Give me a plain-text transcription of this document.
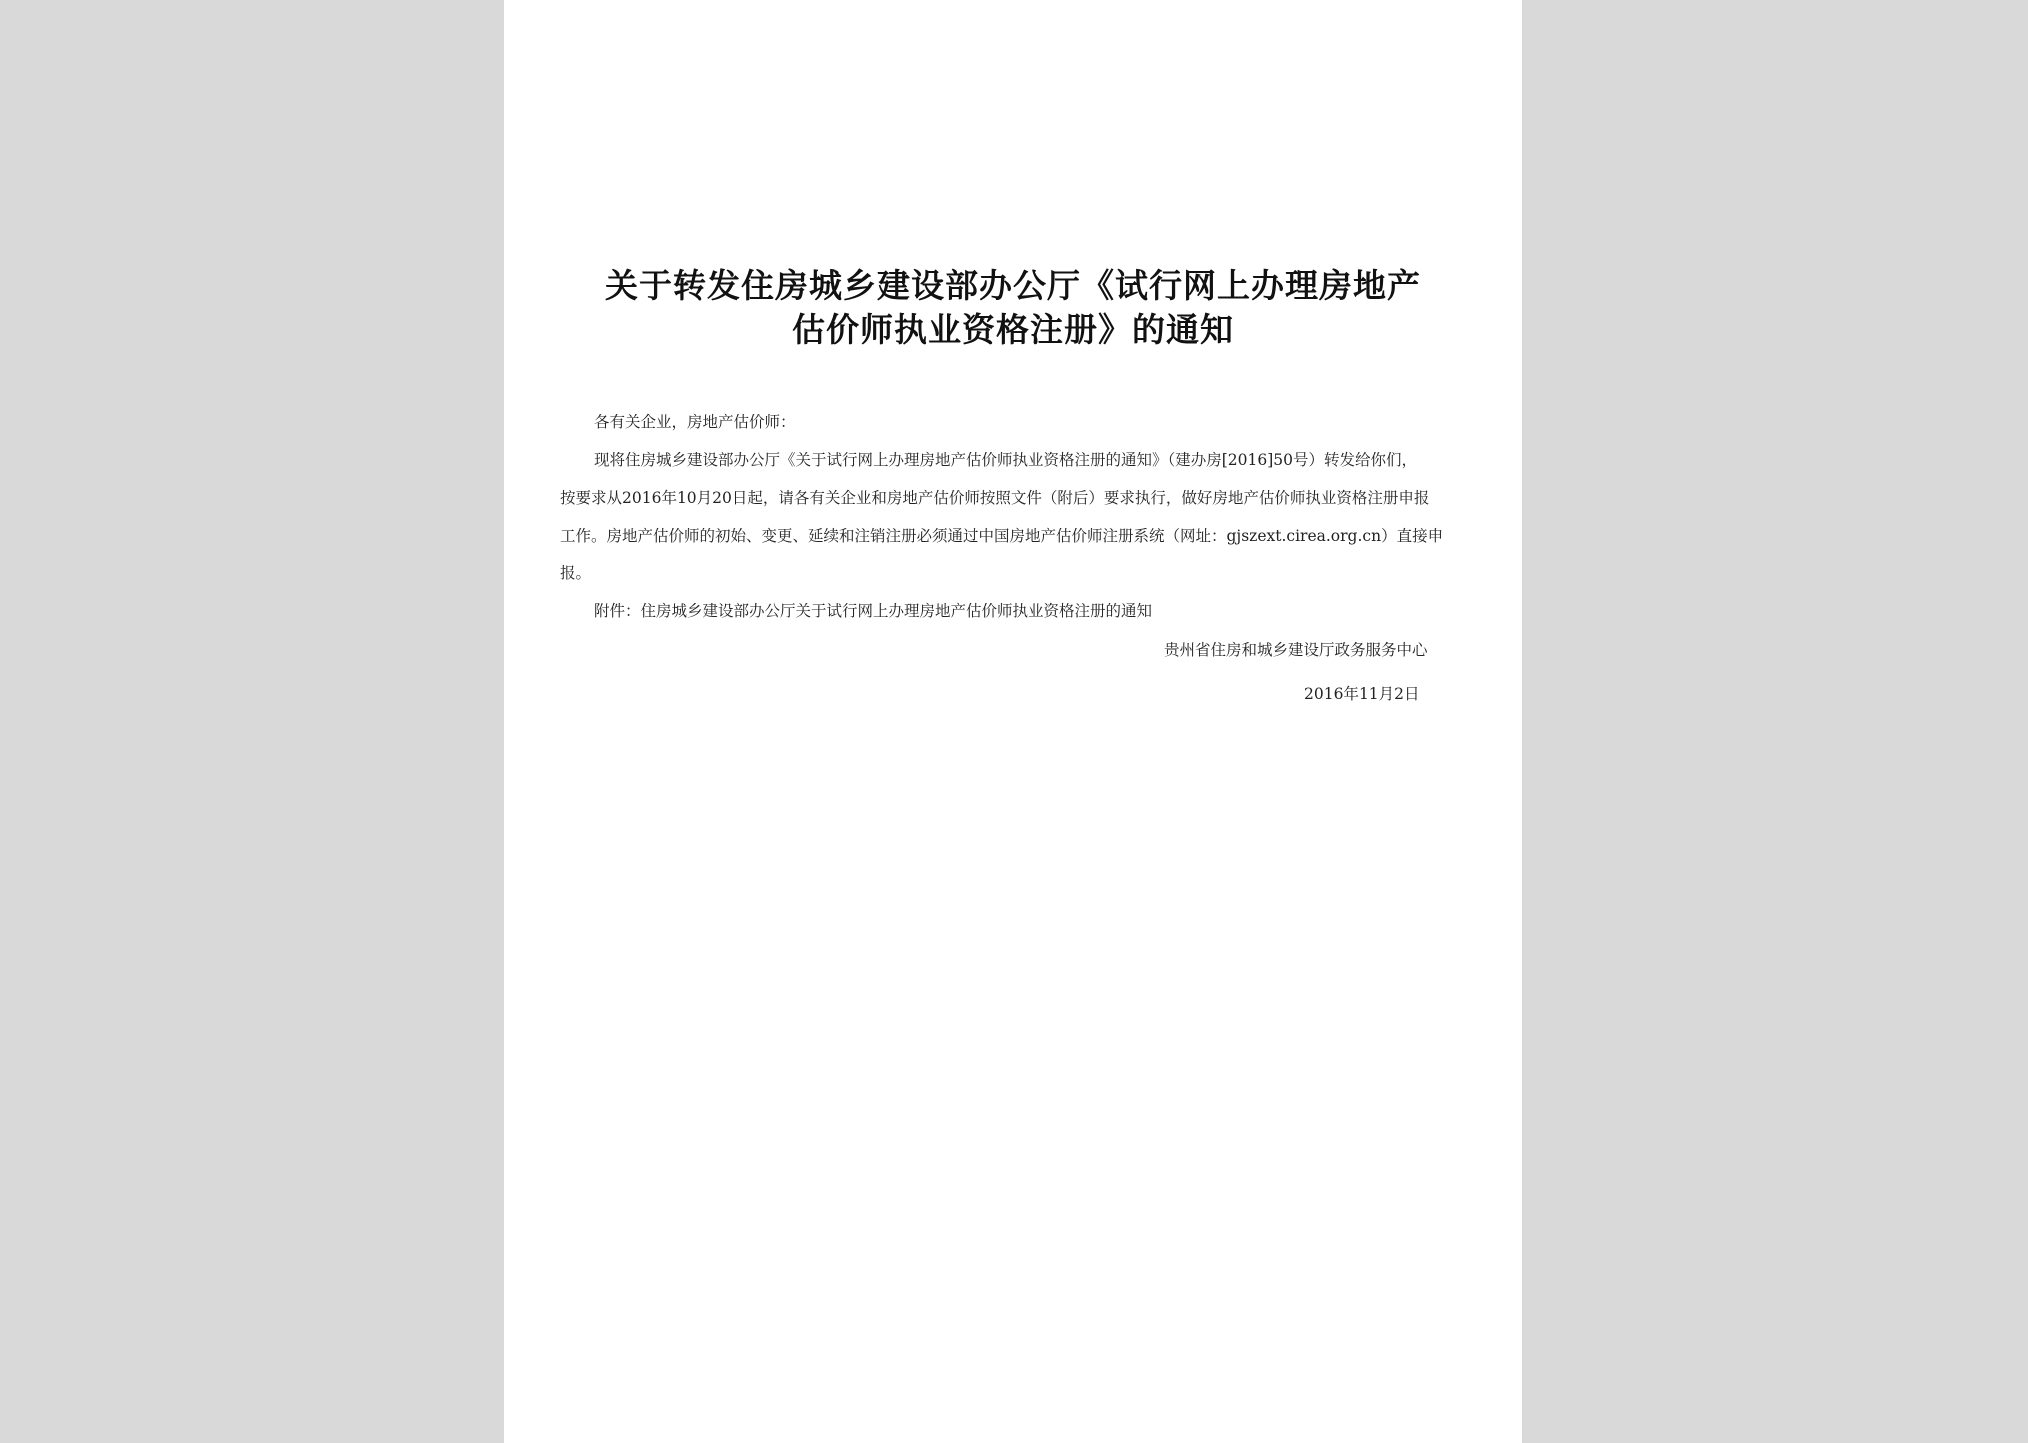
关于转发住房城乡建设部办公厅《试行网上办理房地产
估价师执业资格注册》的通知
各有关企业，房地产估价师：
现将住房城乡建设部办公厅《关于试行网上办理房地产估价师执业资格注册的通知》（建办房[2016]50号）转发给你们，
按要求从2016年10月20日起，请各有关企业和房地产估价师按照文件（附后）要求执行，做好房地产估价师执业资格注册申报
工作。房地产估价师的初始、变更、延续和注销注册必须通过中国房地产估价师注册系统（网址：gjszext.cirea.org.cn）直接申
报。
附件：住房城乡建设部办公厅关于试行网上办理房地产估价师执业资格注册的通知
贵州省住房和城乡建设厅政务服务中心
2016年11月2日
